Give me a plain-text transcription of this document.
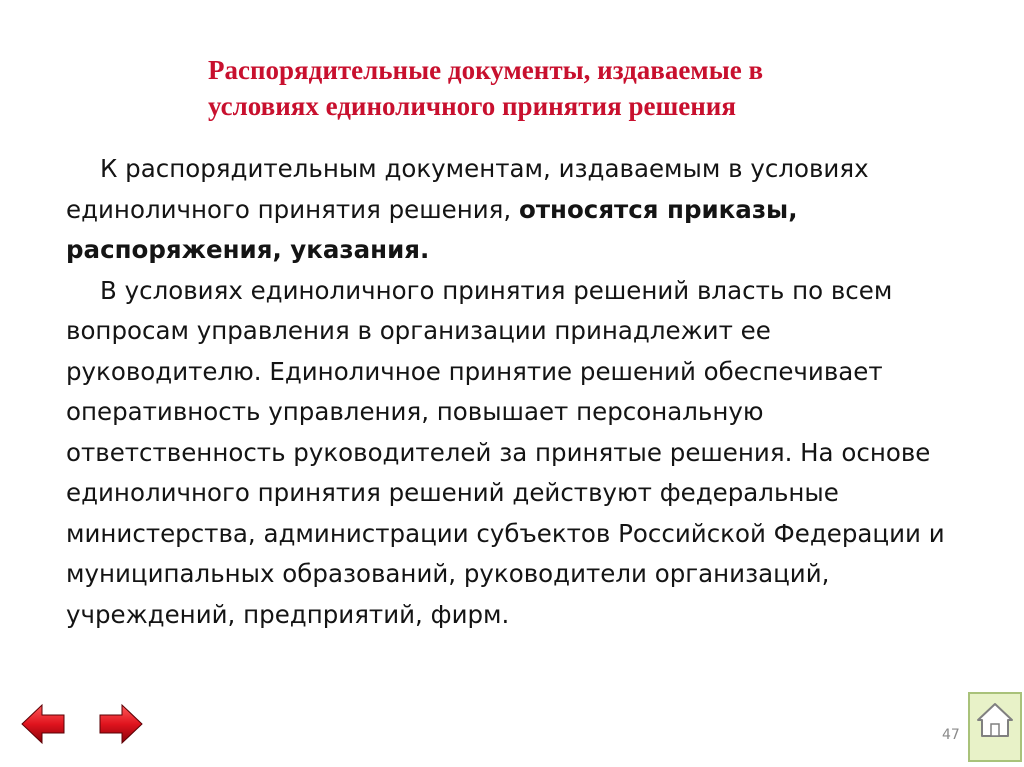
Распорядительные документы, издаваемые в
условиях единоличного принятия решения

К распорядительным документам, издаваемым в условиях единоличного принятия решения, относятся приказы, распоряжения, указания.

В условиях единоличного принятия решений власть по всем вопросам управления в организации принадлежит ее руководителю. Единоличное принятие решений обеспечивает оперативность управления, повышает персональную ответственность руководителей за принятые решения. На основе единоличного принятия решений действуют федеральные министерства, администрации субъектов Российской Федерации и муниципальных образований, руководители организаций, учреждений, предприятий, фирм.

47
